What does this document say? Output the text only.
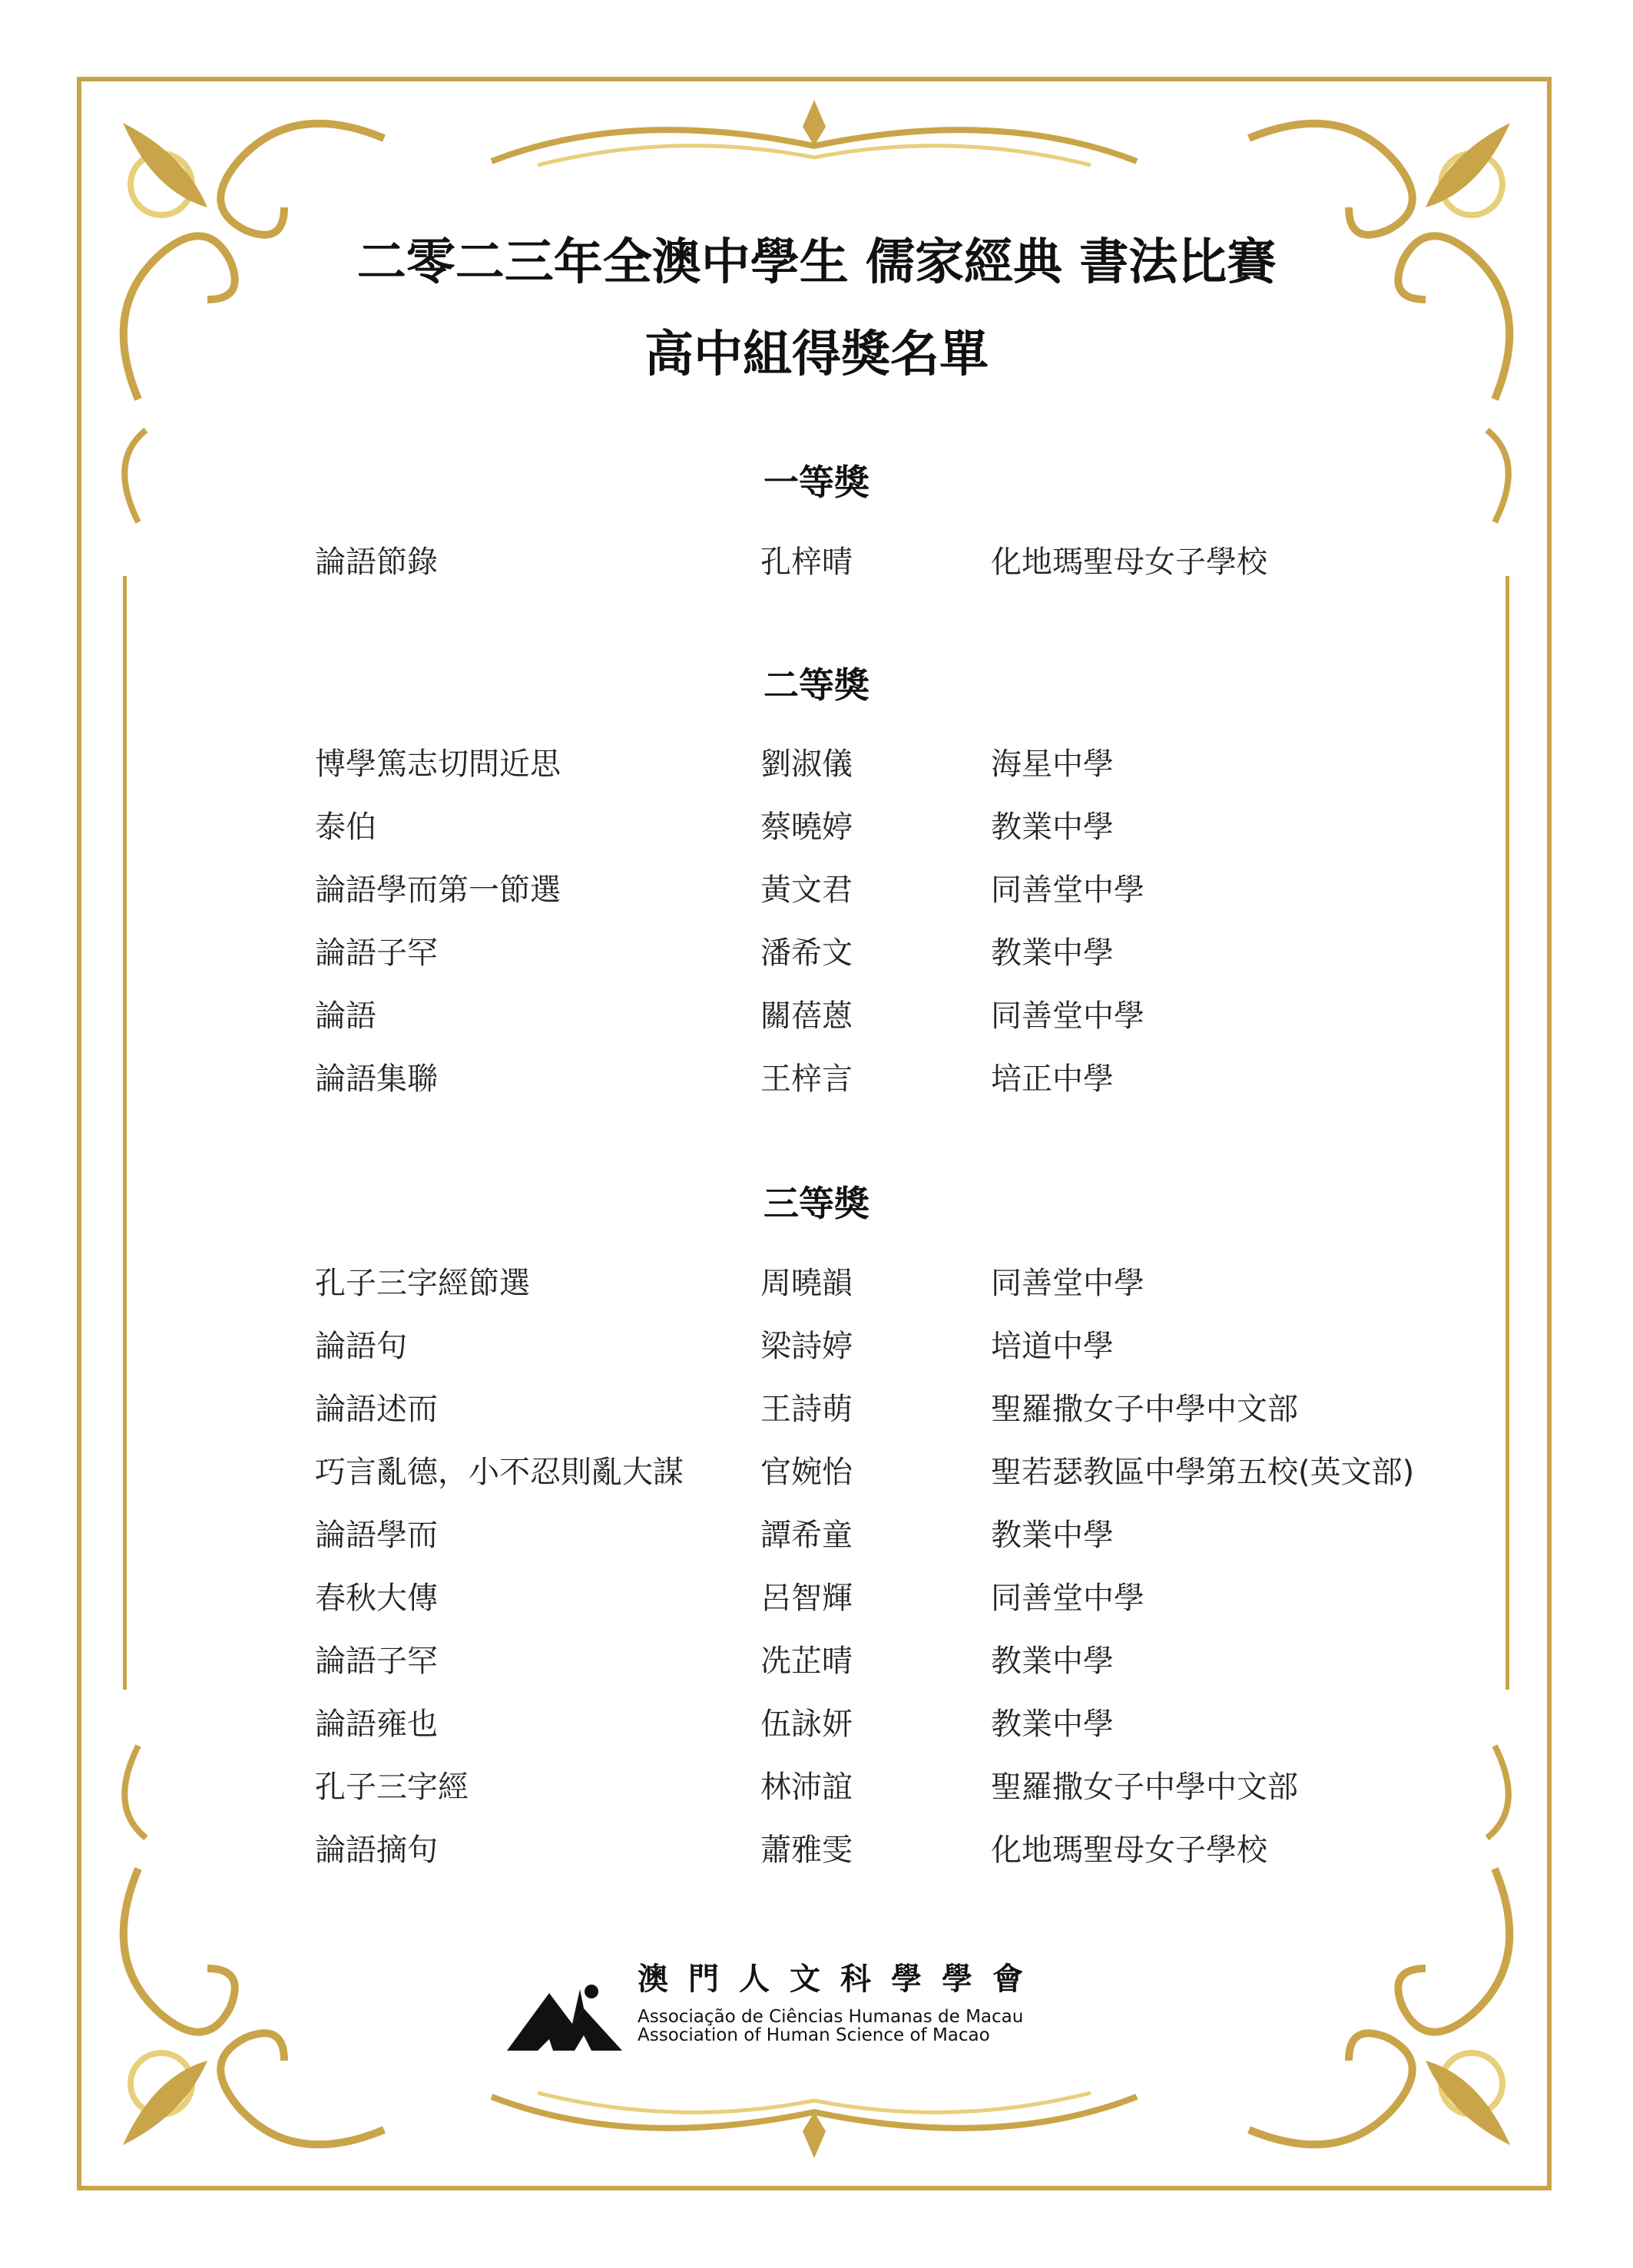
二零二三年全澳中學生 儒家經典 書法比賽
高中組得獎名單
一等獎
論語節錄	孔梓晴	化地瑪聖母女子學校
二等獎
博學篤志切問近思	劉淑儀	海星中學
泰伯	蔡曉婷	教業中學
論語學而第一節選	黃文君	同善堂中學
論語子罕	潘希文	教業中學
論語	關蓓蒽	同善堂中學
論語集聯	王梓言	培正中學
三等獎
孔子三字經節選	周曉韻	同善堂中學
論語句	梁詩婷	培道中學
論語述而	王詩萌	聖羅撒女子中學中文部
巧言亂德，小不忍則亂大謀	官婉怡	聖若瑟教區中學第五校(英文部)
論語學而	譚希童	教業中學
春秋大傳	呂智輝	同善堂中學
論語子罕	冼芷晴	教業中學
論語雍也	伍詠妍	教業中學
孔子三字經	林沛誼	聖羅撒女子中學中文部
論語摘句	蕭雅雯	化地瑪聖母女子學校
澳門人文科學學會
Associação de Ciências Humanas de Macau
Association of Human Science of Macao
